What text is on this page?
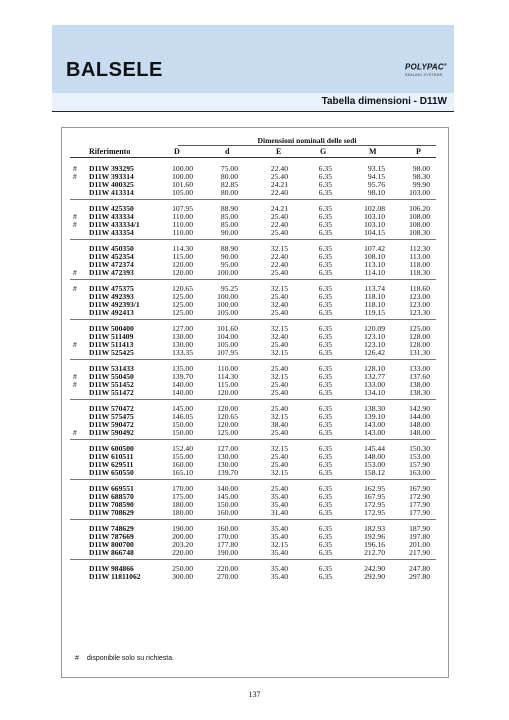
BALSELE	POLYPAC®
SEALING SYSTEMS
Tabella dimensioni - D11W
Dimensioni nominali delle sedi
Riferimento	D	d	E	G	M	P
# D11W 393295	100.00	75.00	22.40	6.35	93.15	98.00
# D11W 393314	100.00	80.00	25.40	6.35	94.15	98.30
D11W 400325	101.60	82.85	24.21	6.35	95.76	99.90
D11W 413314	105.00	80.00	22.40	6.35	98.10	103.00
D11W 425350	107.95	88.90	24.21	6.35	102.08	106.20
# D11W 433334	110.00	85.00	25.40	6.35	103.10	108.00
# D11W 433334/1	110.00	85.00	22.40	6.35	103.10	108.00
D11W 433354	110.00	90.00	25.40	6.35	104.15	108.30
D11W 450350	114.30	88.90	32.15	6.35	107.42	112.30
D11W 452354	115.00	90.00	22.40	6.35	108.10	113.00
D11W 472374	120.00	95.00	22.40	6.35	113.10	118.00
# D11W 472393	120.00	100.00	25.40	6.35	114.10	118.30
# D11W 475375	120.65	95.25	32.15	6.35	113.74	118.60
D11W 492393	125.00	100.00	25.40	6.35	118.10	123.00
D11W 492393/1	125.00	100.00	32.40	6.35	118.10	123.00
D11W 492413	125.00	105.00	25.40	6.35	119.15	123.30
D11W 500400	127.00	101.60	32.15	6.35	120.09	125.00
D11W 511409	130.00	104.00	32.40	6.35	123.10	128.00
# D11W 511413	130.00	105.00	25.40	6.35	123.10	128.00
D11W 525425	133.35	107.95	32.15	6.35	126.42	131.30
D11W 531433	135.00	110.00	25.40	6.35	128.10	133.00
# D11W 550450	139.70	114.30	32.15	6.35	132.77	137.60
# D11W 551452	140.00	115.00	25.40	6.35	133.00	138.00
D11W 551472	140.00	120.00	25.40	6.35	134.10	138.30
D11W 570472	145.00	120.00	25.40	6.35	138.30	142.90
D11W 575475	146.05	120.65	32.15	6.35	139.10	144.00
D11W 590472	150.00	120.00	38.40	6.35	143.00	148.00
# D11W 590492	150.00	125.00	25.40	6.35	143.00	148.00
D11W 600500	152.40	127.00	32.15	6.35	145.44	150.30
D11W 610511	155.00	130.00	25.40	6.35	148.00	153.00
D11W 629511	160.00	130.00	25.40	6.35	153.00	157.90
D11W 650550	165.10	139.70	32.15	6.35	158.12	163.00
D11W 669551	170.00	140.00	25.40	6.35	162.95	167.90
D11W 688570	175.00	145.00	35.40	6.35	167.95	172.90
D11W 708590	180.00	150.00	35.40	6.35	172.95	177.90
D11W 708629	180.00	160.00	31.40	6.35	172.95	177.90
D11W 748629	190.00	160.00	35.40	6.35	182.93	187.90
D11W 787669	200.00	170.00	35.40	6.35	192.96	197.80
D11W 800700	203.20	177.80	32.15	6.35	196.16	201.00
D11W 866748	220.00	190.00	35.40	6.35	212.70	217.90
D11W 984866	250.00	220.00	35.40	6.35	242.90	247.80
D11W 11811062	300.00	270.00	35.40	6.35	292.90	297.80
# disponibile solo su richiesta.
137
